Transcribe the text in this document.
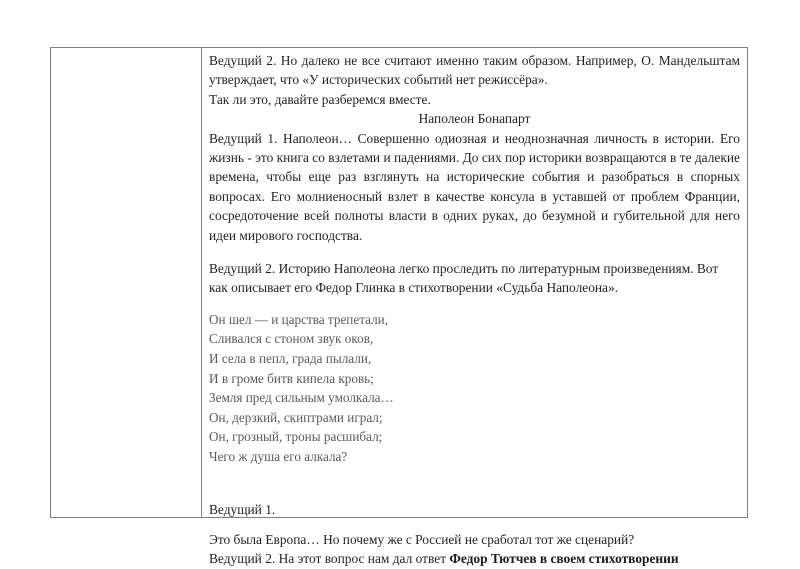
Ведущий 2. Но далеко не все считают именно таким образом. Например, О. Мандельштам утверждает, что «У исторических событий нет режиссёра».

Так ли это, давайте разберемся вместе.

Наполеон Бонапарт

Ведущий 1. Наполеон… Совершенно одиозная и неоднозначная личность в истории. Его жизнь - это книга со взлетами и падениями. До сих пор историки возвращаются в те далекие времена, чтобы еще раз взглянуть на исторические события и разобраться в спорных вопросах. Его молниеносный взлет в качестве консула в уставшей от проблем Франции, сосредоточение всей полноты власти в одних руках, до безумной и губительной для него идеи мирового господства.

Ведущий 2. Историю Наполеона легко проследить по литературным произведениям. Вот как описывает его Федор Глинка в стихотворении «Судьба Наполеона».

Он шел — и царства трепетали,
Сливался с стоном звук оков,
И села в пепл, града пылали,
И в громе битв кипела кровь;
Земля пред сильным умолкала…
Он, дерзкий, скиптрами играл;
Он, грозный, троны расшибал;
Чего ж душа его алкала?

Ведущий 1.

Это была Европа… Но почему же с Россией не сработал тот же сценарий?

Ведущий 2. На этот вопрос нам дал ответ Федор Тютчев в своем стихотворении
